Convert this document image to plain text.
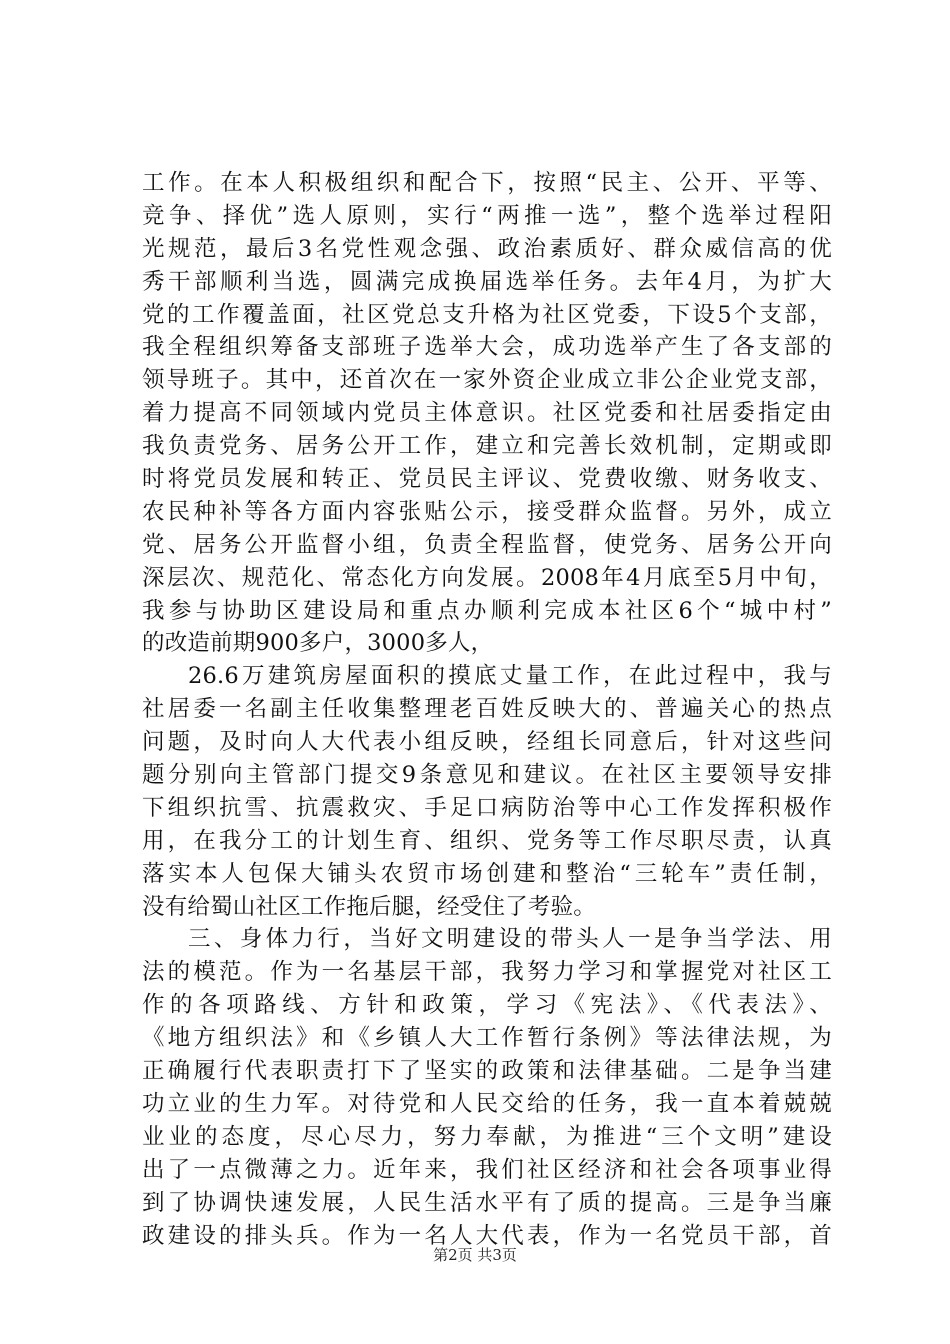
工作。在本人积极组织和配合下，按照“民主、公开、平等、
竞争、择优”选人原则，实行“两推一选”，整个选举过程阳
光规范，最后3名党性观念强、政治素质好、群众威信高的优
秀干部顺利当选，圆满完成换届选举任务。去年4月，为扩大
党的工作覆盖面，社区党总支升格为社区党委，下设5个支部，
我全程组织筹备支部班子选举大会，成功选举产生了各支部的
领导班子。其中，还首次在一家外资企业成立非公企业党支部，
着力提高不同领域内党员主体意识。社区党委和社居委指定由
我负责党务、居务公开工作，建立和完善长效机制，定期或即
时将党员发展和转正、党员民主评议、党费收缴、财务收支、
农民种补等各方面内容张贴公示，接受群众监督。另外，成立
党、居务公开监督小组，负责全程监督，使党务、居务公开向
深层次、规范化、常态化方向发展。2008年4月底至5月中旬，
我参与协助区建设局和重点办顺利完成本社区6个“城中村”
的改造前期900多户，3000多人，
26.6万建筑房屋面积的摸底丈量工作，在此过程中，我与
社居委一名副主任收集整理老百姓反映大的、普遍关心的热点
问题，及时向人大代表小组反映，经组长同意后，针对这些问
题分别向主管部门提交9条意见和建议。在社区主要领导安排
下组织抗雪、抗震救灾、手足口病防治等中心工作发挥积极作
用，在我分工的计划生育、组织、党务等工作尽职尽责，认真
落实本人包保大铺头农贸市场创建和整治“三轮车”责任制，
没有给蜀山社区工作拖后腿，经受住了考验。
三、身体力行，当好文明建设的带头人一是争当学法、用
法的模范。作为一名基层干部，我努力学习和掌握党对社区工
作的各项路线、方针和政策，学习《宪法》、《代表法》、
《地方组织法》和《乡镇人大工作暂行条例》等法律法规，为
正确履行代表职责打下了坚实的政策和法律基础。二是争当建
功立业的生力军。对待党和人民交给的任务，我一直本着兢兢
业业的态度，尽心尽力，努力奉献，为推进“三个文明”建设
出了一点微薄之力。近年来，我们社区经济和社会各项事业得
到了协调快速发展，人民生活水平有了质的提高。三是争当廉
政建设的排头兵。作为一名人大代表，作为一名党员干部，首
第2页 共3页
